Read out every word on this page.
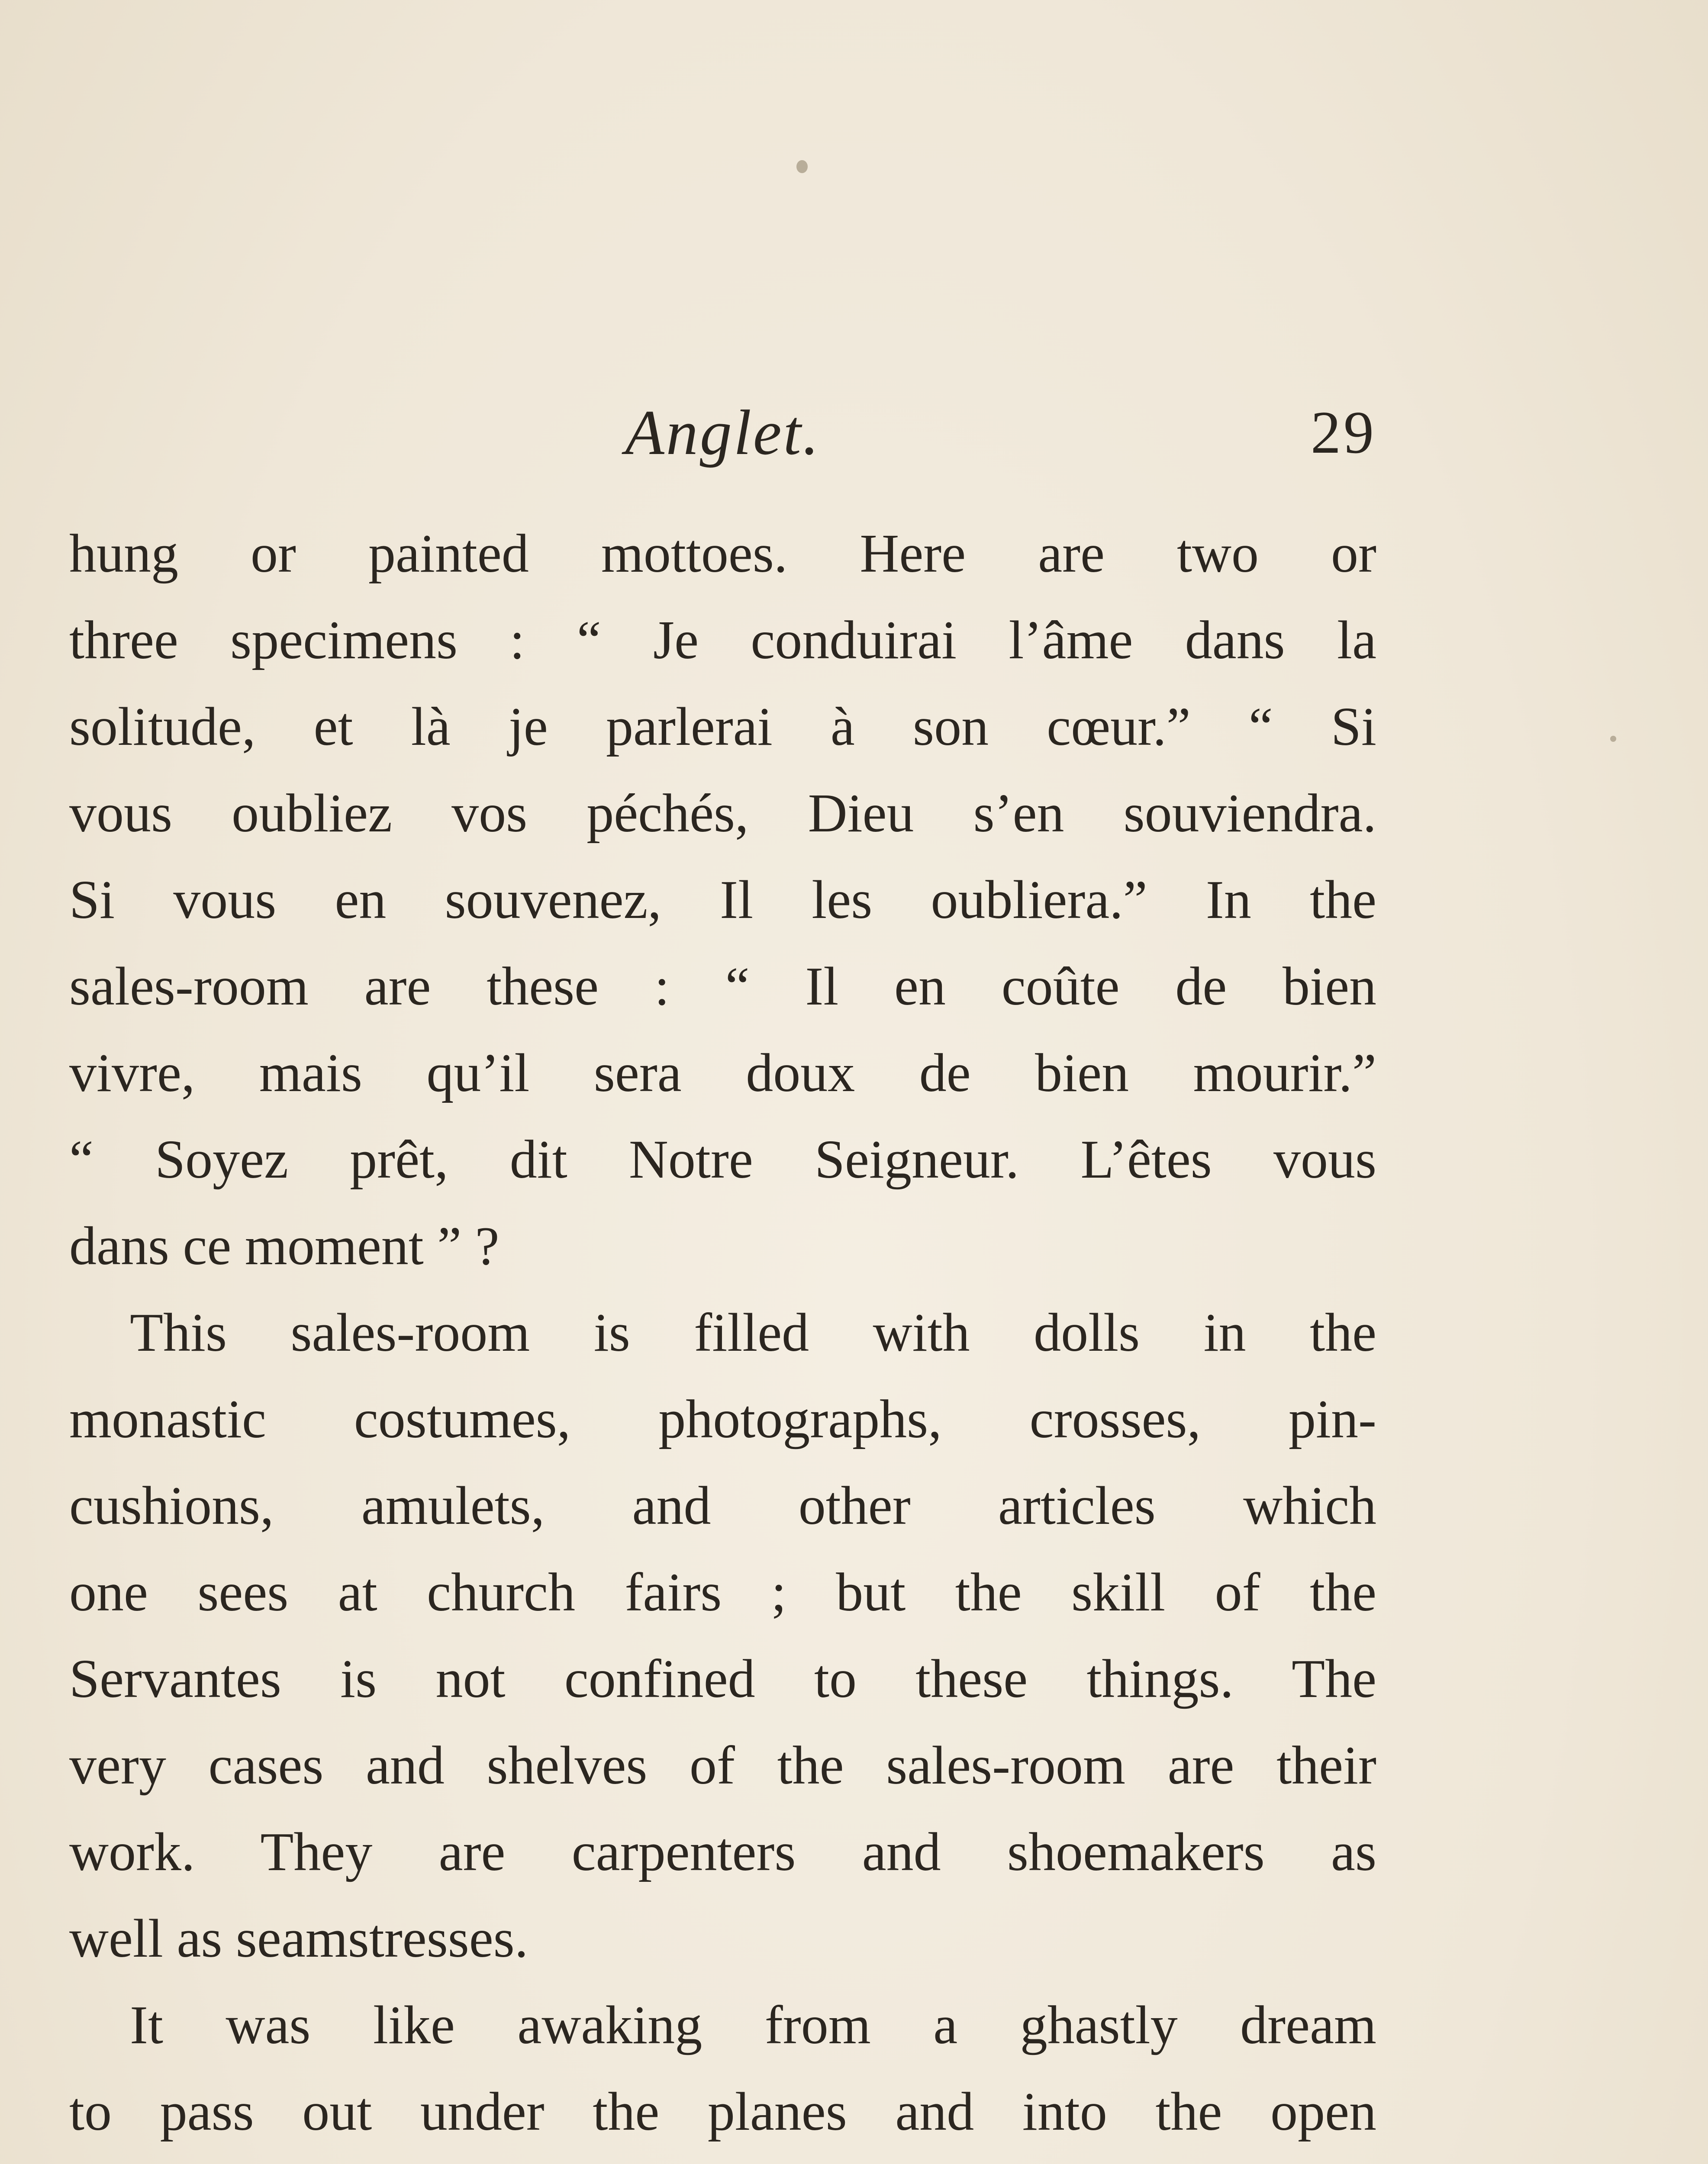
Anglet.	29
hung or painted mottoes. Here are two or
three specimens : “ Je conduirai l’âme dans la
solitude, et là je parlerai à son cœur.” “ Si
vous oubliez vos péchés, Dieu s’en souviendra.
Si vous en souvenez, Il les oubliera.” In the
sales-room are these : “ Il en coûte de bien
vivre, mais qu’il sera doux de bien mourir.”
“ Soyez prêt, dit Notre Seigneur. L’êtes vous
dans ce moment ” ?
This sales-room is filled with dolls in the
monastic costumes, photographs, crosses, pin-
cushions, amulets, and other articles which
one sees at church fairs ; but the skill of the
Servantes is not confined to these things. The
very cases and shelves of the sales-room are their
work. They are carpenters and shoemakers as
well as seamstresses.
It was like awaking from a ghastly dream
to pass out under the planes and into the open
